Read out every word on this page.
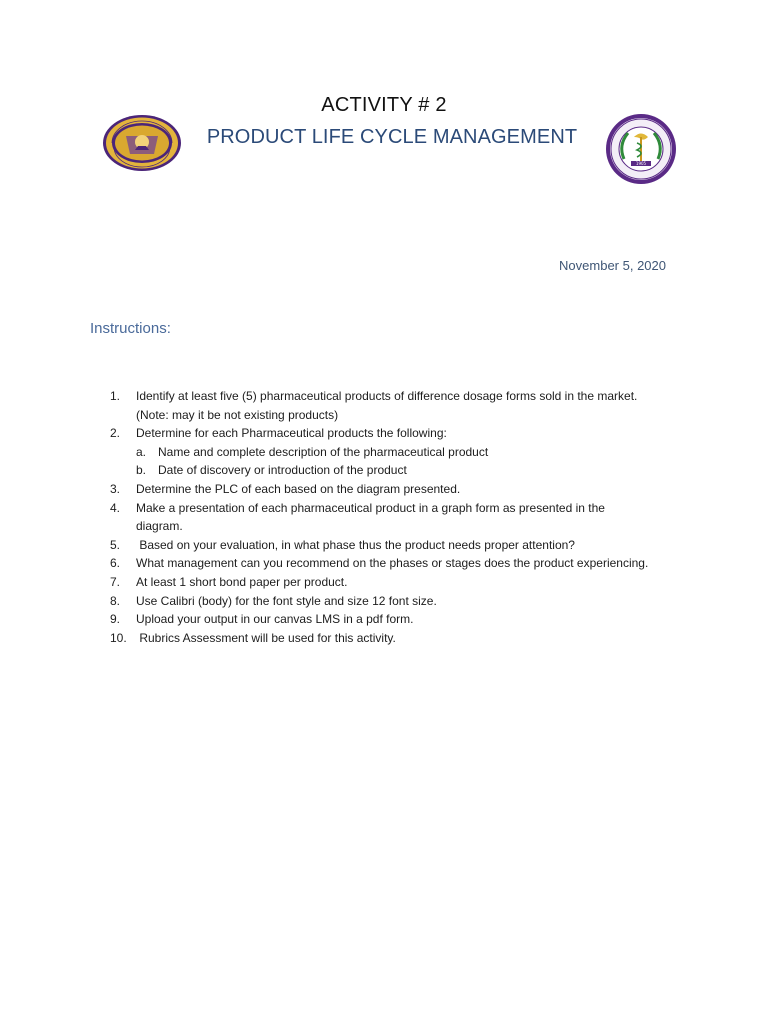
ACTIVITY # 2
PRODUCT LIFE CYCLE MANAGEMENT
1905
November 5, 2020
Instructions:
1.	Identify at least five (5) pharmaceutical products of difference dosage forms sold in the market.
(Note: may it be not existing products)
2.	Determine for each Pharmaceutical products the following:
a. Name and complete description of the pharmaceutical product
b. Date of discovery or introduction of the product
3.	Determine the PLC of each based on the diagram presented.
4.	Make a presentation of each pharmaceutical product in a graph form as presented in the
diagram.
5.	Based on your evaluation, in what phase thus the product needs proper attention?
6.	What management can you recommend on the phases or stages does the product experiencing.
7.	At least 1 short bond paper per product.
8.	Use Calibri (body) for the font style and size 12 font size.
9.	Upload your output in our canvas LMS in a pdf form.
10. Rubrics Assessment will be used for this activity.
